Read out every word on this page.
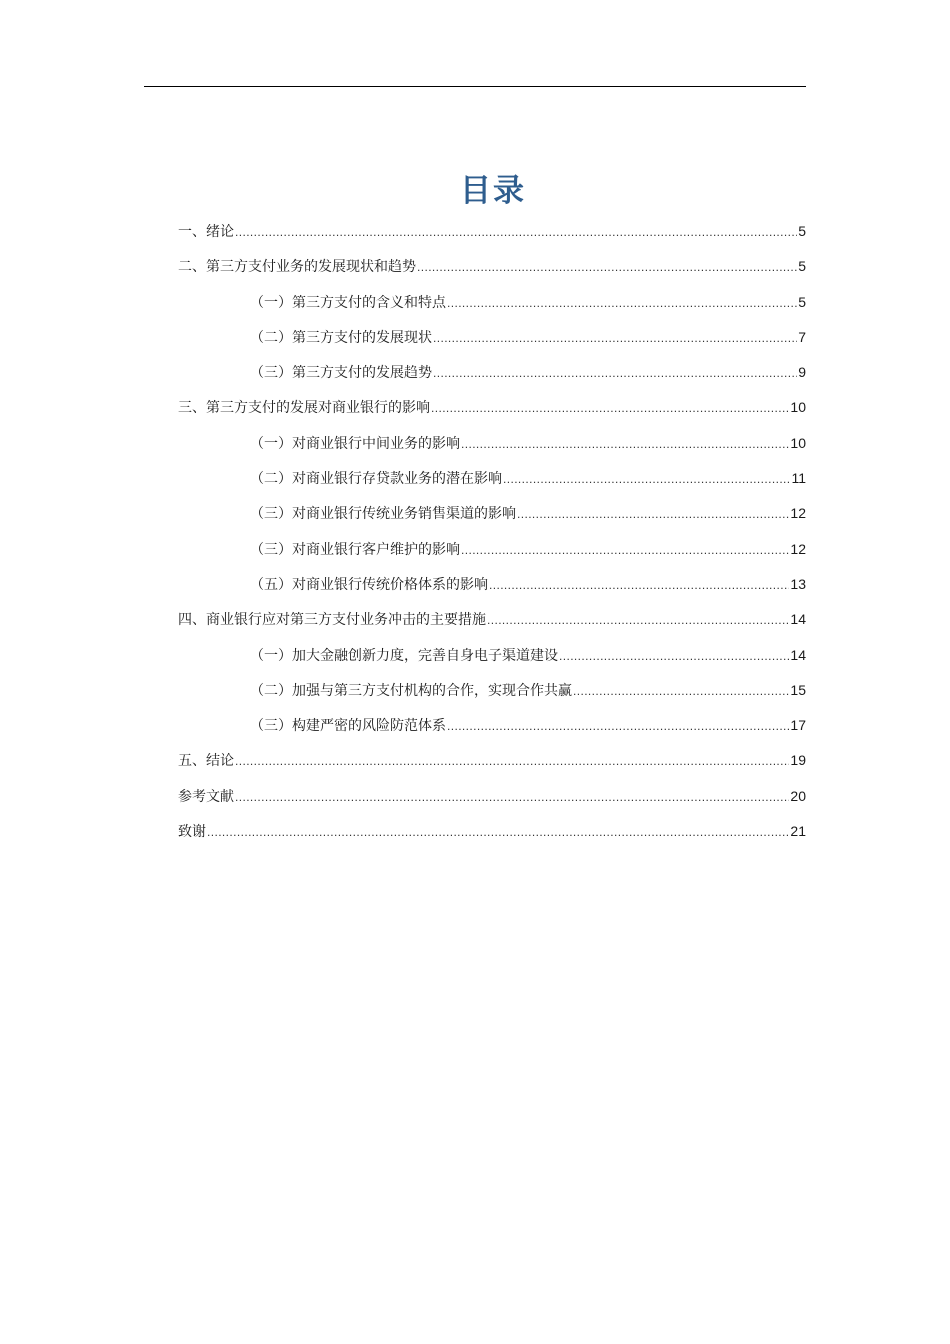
目录
一、绪论 .....	5
二、第三方支付业务的发展现状和趋势 .....	5
（一）第三方支付的含义和特点 .....	5
（二）第三方支付的发展现状 .....	7
（三）第三方支付的发展趋势 .....	9
三、第三方支付的发展对商业银行的影响 .....	10
（一）对商业银行中间业务的影响 .....	10
（二）对商业银行存贷款业务的潜在影响 .....	11
（三）对商业银行传统业务销售渠道的影响 .....	12
（三）对商业银行客户维护的影响 .....	12
（五）对商业银行传统价格体系的影响 .....	13
四、商业银行应对第三方支付业务冲击的主要措施 .....	14
（一）加大金融创新力度，完善自身电子渠道建设 .....	14
（二）加强与第三方支付机构的合作，实现合作共赢 .....	15
（三）构建严密的风险防范体系 .....	17
五、结论 .....	19
参考文献 .....	20
致谢 .....	21
